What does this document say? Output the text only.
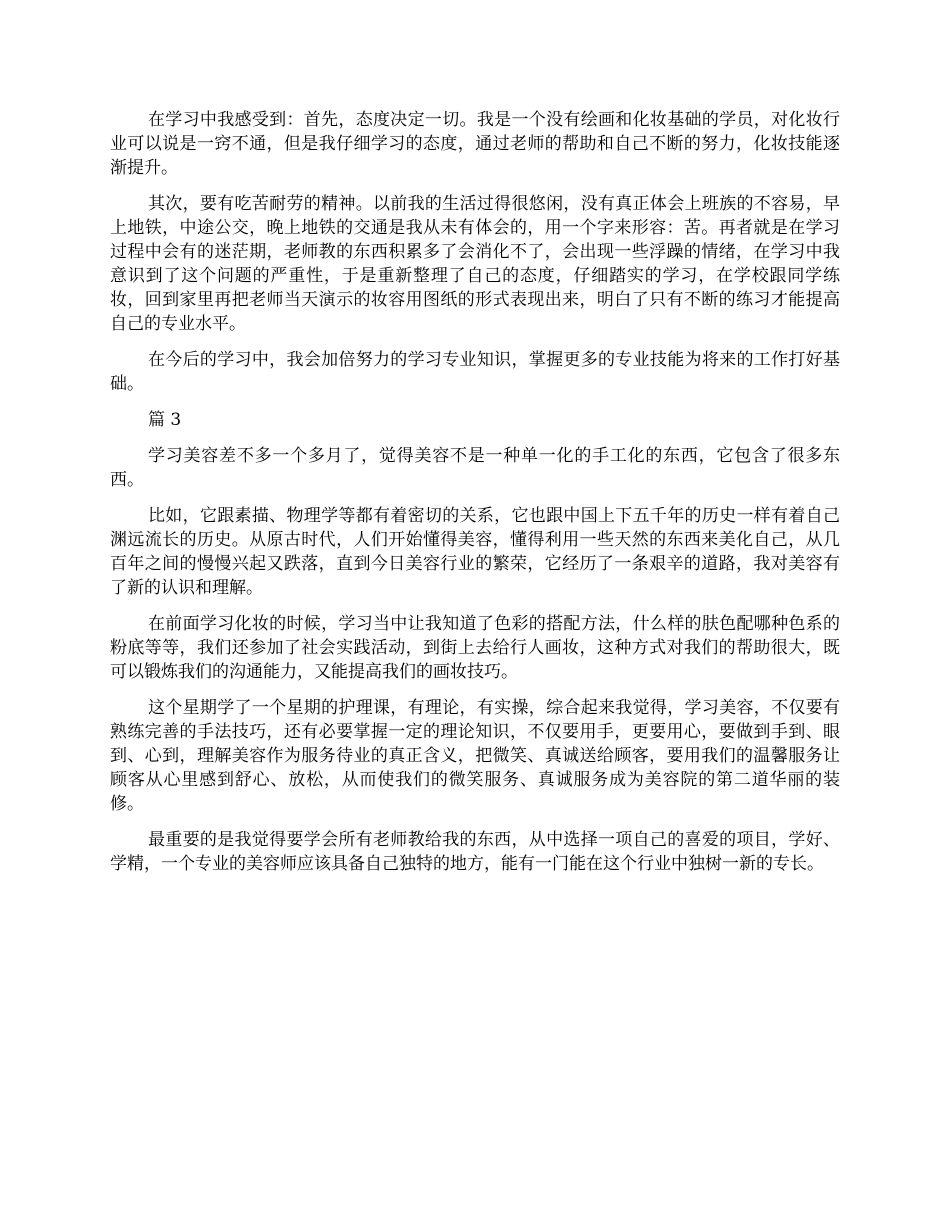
在学习中我感受到：首先，态度决定一切。我是一个没有绘画和化妆基础的学员，对化妆行业可以说是一窍不通，但是我仔细学习的态度，通过老师的帮助和自己不断的努力，化妆技能逐渐提升。

其次，要有吃苦耐劳的精神。以前我的生活过得很悠闲，没有真正体会上班族的不容易，早上地铁，中途公交，晚上地铁的交通是我从未有体会的，用一个字来形容：苦。再者就是在学习过程中会有的迷茫期，老师教的东西积累多了会消化不了，会出现一些浮躁的情绪，在学习中我意识到了这个问题的严重性，于是重新整理了自己的态度，仔细踏实的学习，在学校跟同学练妆，回到家里再把老师当天演示的妆容用图纸的形式表现出来，明白了只有不断的练习才能提高自己的专业水平。

在今后的学习中，我会加倍努力的学习专业知识，掌握更多的专业技能为将来的工作打好基础。

篇 3

学习美容差不多一个多月了，觉得美容不是一种单一化的手工化的东西，它包含了很多东西。

比如，它跟素描、物理学等都有着密切的关系，它也跟中国上下五千年的历史一样有着自己渊远流长的历史。从原古时代，人们开始懂得美容，懂得利用一些天然的东西来美化自己，从几百年之间的慢慢兴起又跌落，直到今日美容行业的繁荣，它经历了一条艰辛的道路，我对美容有了新的认识和理解。

在前面学习化妆的时候，学习当中让我知道了色彩的搭配方法，什么样的肤色配哪种色系的粉底等等，我们还参加了社会实践活动，到街上去给行人画妆，这种方式对我们的帮助很大，既可以锻炼我们的沟通能力，又能提高我们的画妆技巧。

这个星期学了一个星期的护理课，有理论，有实操，综合起来我觉得，学习美容，不仅要有熟练完善的手法技巧，还有必要掌握一定的理论知识，不仅要用手，更要用心，要做到手到、眼到、心到，理解美容作为服务待业的真正含义，把微笑、真诚送给顾客，要用我们的温馨服务让顾客从心里感到舒心、放松，从而使我们的微笑服务、真诚服务成为美容院的第二道华丽的装修。

最重要的是我觉得要学会所有老师教给我的东西，从中选择一项自己的喜爱的项目，学好、学精，一个专业的美容师应该具备自己独特的地方，能有一门能在这个行业中独树一新的专长。
